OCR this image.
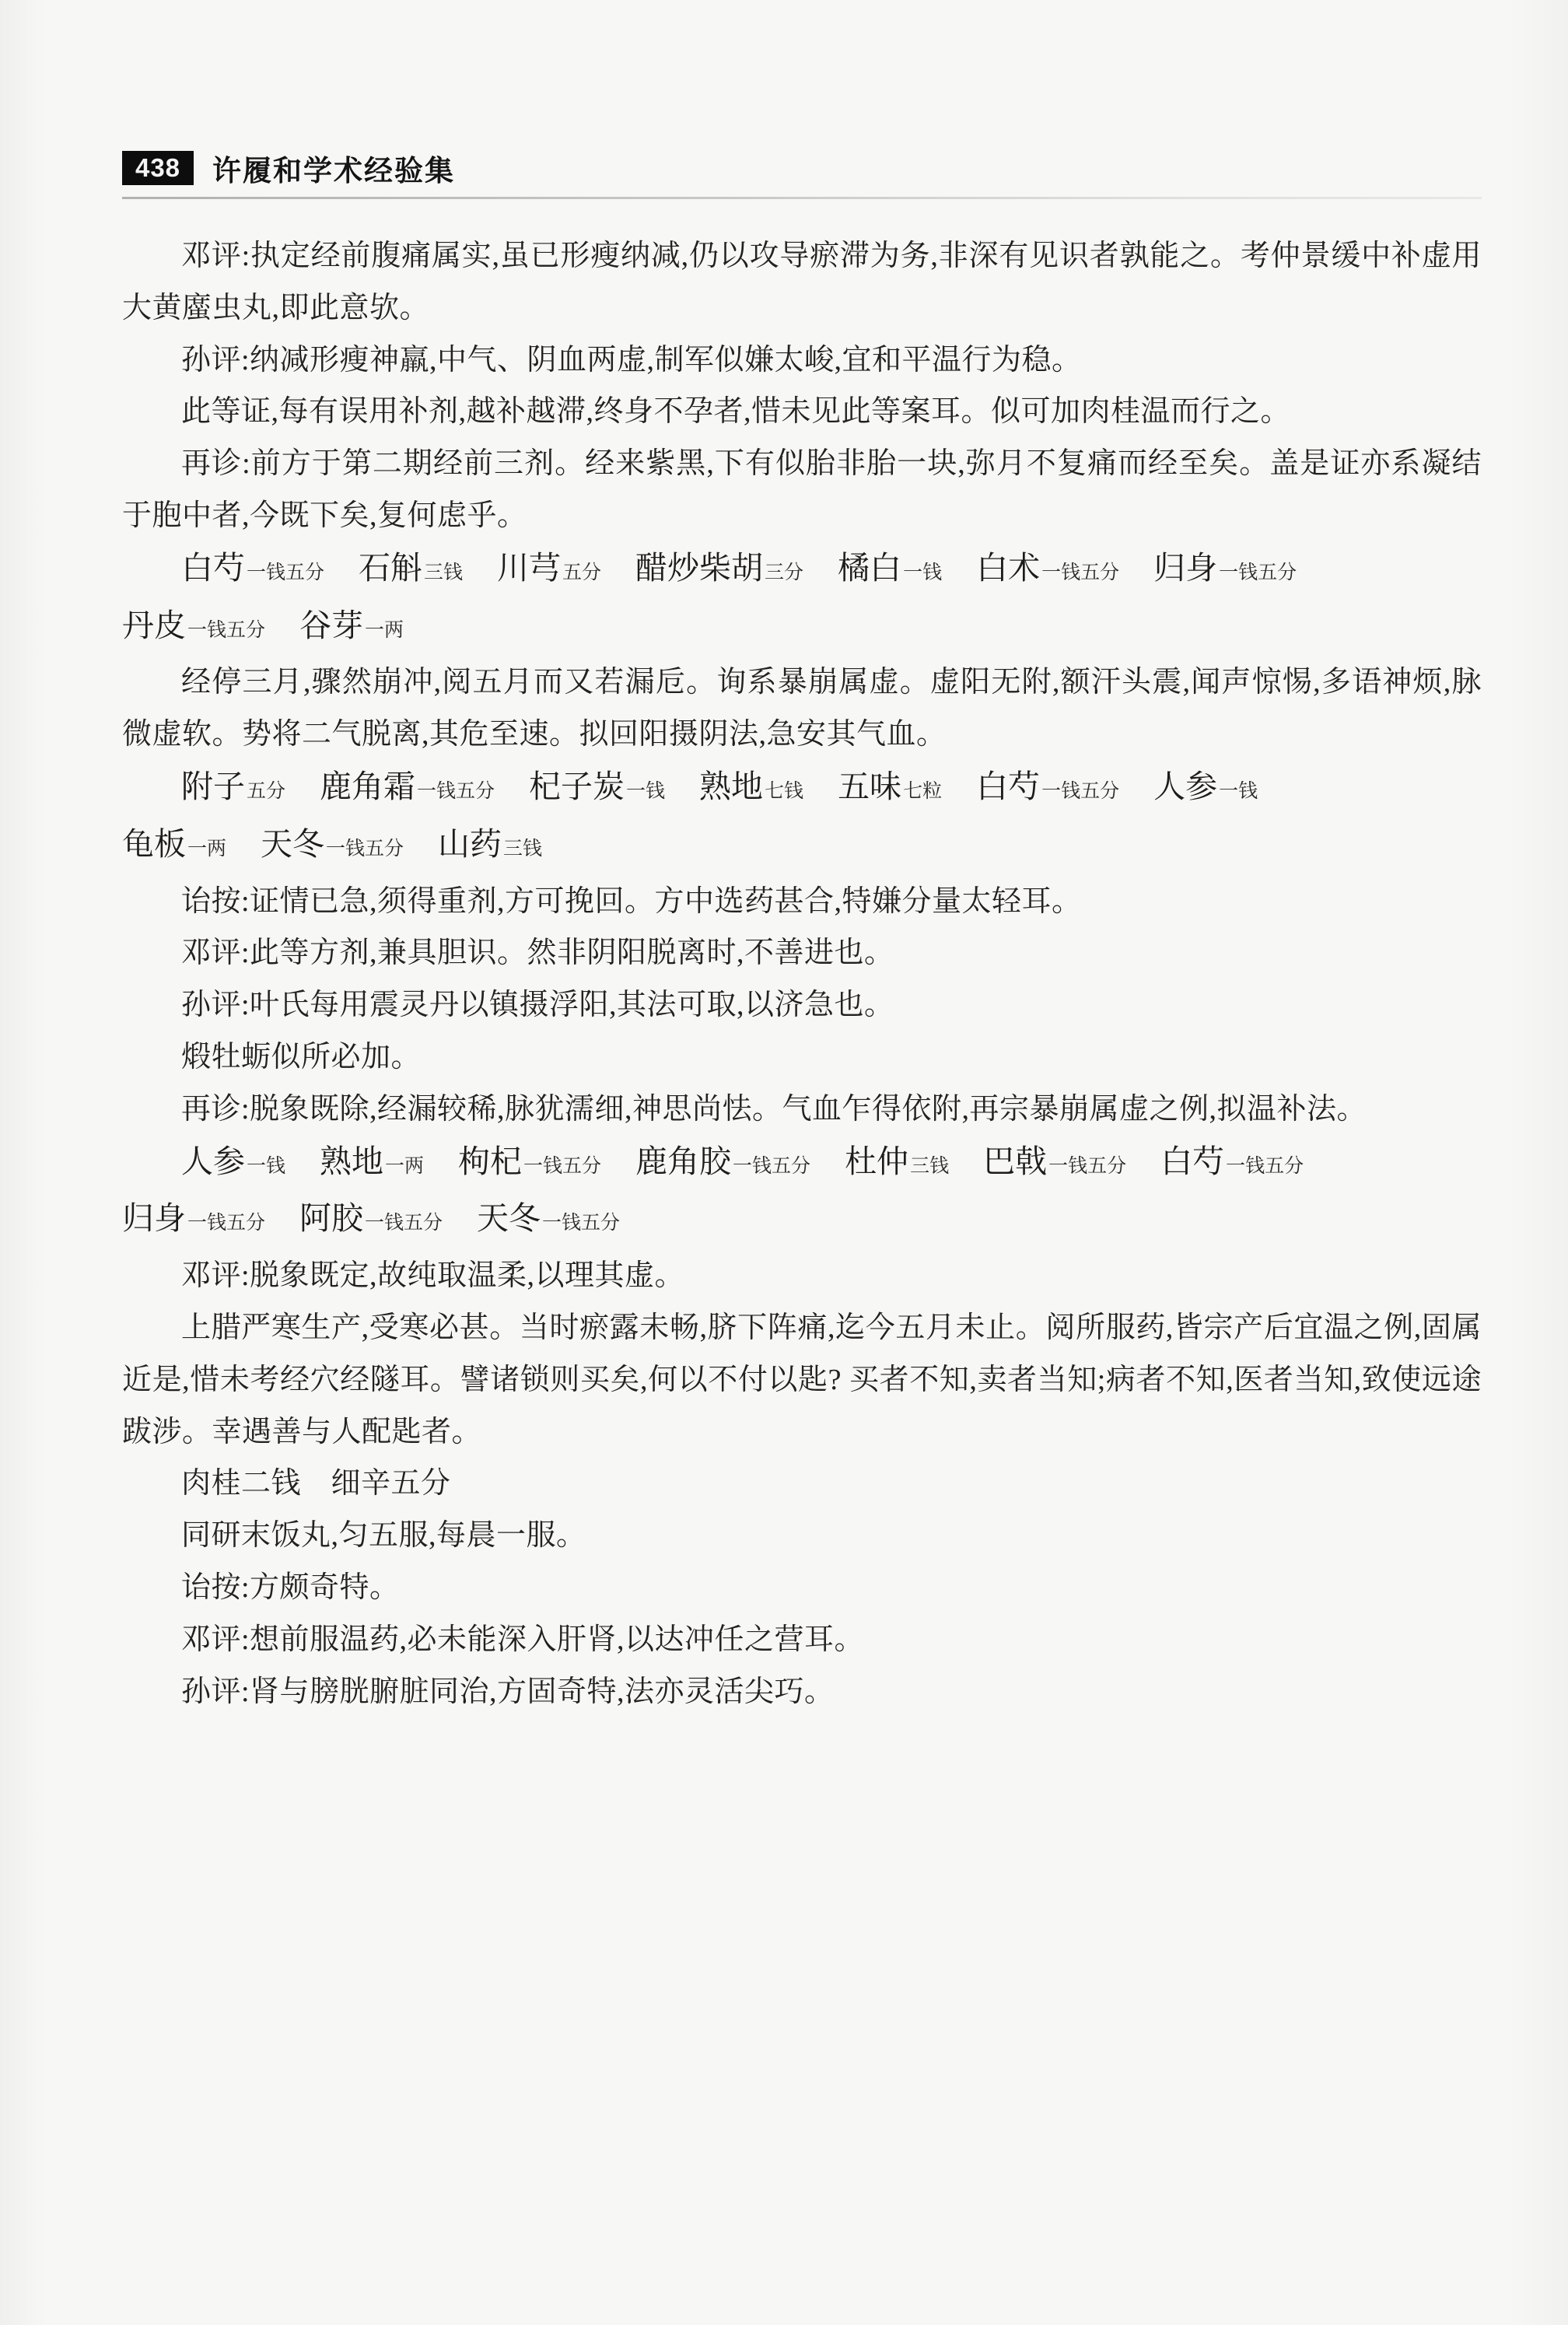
438	许履和学术经验集

邓评:执定经前腹痛属实,虽已形瘦纳减,仍以攻导瘀滞为务,非深有见识者孰能之。考仲景缓中补虚用大黄䗪虫丸,即此意欤。

孙评:纳减形瘦神羸,中气、阴血两虚,制军似嫌太峻,宜和平温行为稳。

此等证,每有误用补剂,越补越滞,终身不孕者,惜未见此等案耳。似可加肉桂温而行之。

再诊:前方于第二期经前三剂。经来紫黑,下有似胎非胎一块,弥月不复痛而经至矣。盖是证亦系凝结于胞中者,今既下矣,复何虑乎。

白芍一钱五分 石斛三钱 川芎五分 醋炒柴胡三分 橘白一钱 白术一钱五分 归身一钱五分
丹皮一钱五分 谷芽一两

经停三月,骤然崩冲,阅五月而又若漏卮。询系暴崩属虚。虚阳无附,额汗头震,闻声惊惕,多语神烦,脉微虚软。势将二气脱离,其危至速。拟回阳摄阴法,急安其气血。

附子五分 鹿角霜一钱五分 杞子炭一钱 熟地七钱 五味七粒 白芍一钱五分 人参一钱
龟板一两 天冬一钱五分 山药三钱

诒按:证情已急,须得重剂,方可挽回。方中选药甚合,特嫌分量太轻耳。

邓评:此等方剂,兼具胆识。然非阴阳脱离时,不善进也。

孙评:叶氏每用震灵丹以镇摄浮阳,其法可取,以济急也。

煅牡蛎似所必加。

再诊:脱象既除,经漏较稀,脉犹濡细,神思尚怯。气血乍得依附,再宗暴崩属虚之例,拟温补法。

人参一钱 熟地一两 枸杞一钱五分 鹿角胶一钱五分 杜仲三钱 巴戟一钱五分 白芍一钱五分
归身一钱五分 阿胶一钱五分 天冬一钱五分

邓评:脱象既定,故纯取温柔,以理其虚。

上腊严寒生产,受寒必甚。当时瘀露未畅,脐下阵痛,迄今五月未止。阅所服药,皆宗产后宜温之例,固属近是,惜未考经穴经隧耳。譬诸锁则买矣,何以不付以匙? 买者不知,卖者当知;病者不知,医者当知,致使远途跋涉。幸遇善与人配匙者。

肉桂二钱　细辛五分

同研末饭丸,匀五服,每晨一服。

诒按:方颇奇特。

邓评:想前服温药,必未能深入肝肾,以达冲任之营耳。

孙评:肾与膀胱腑脏同治,方固奇特,法亦灵活尖巧。
